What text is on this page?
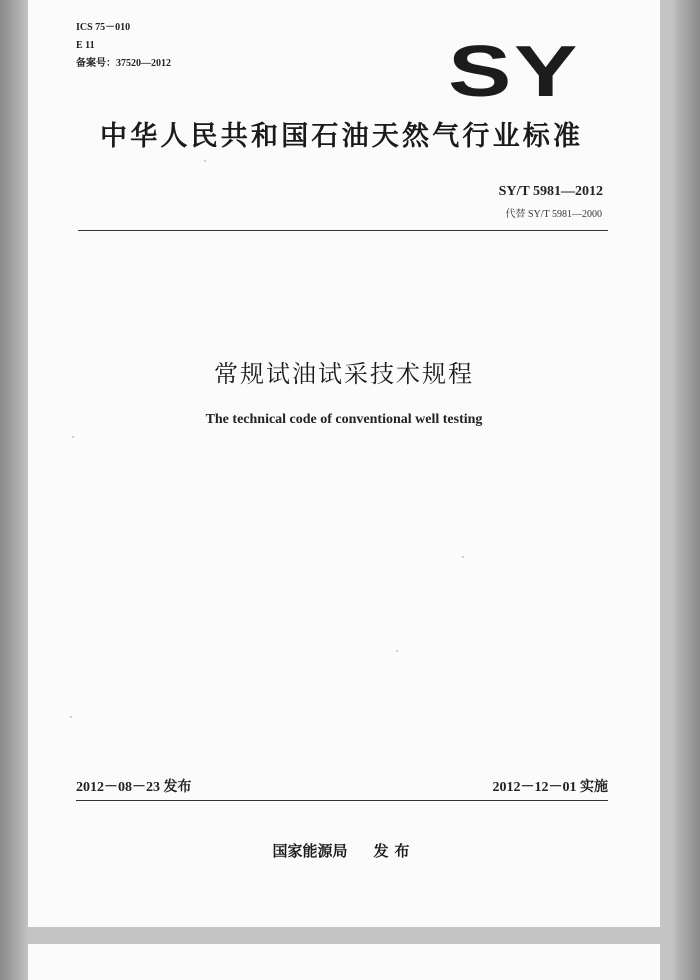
ICS 75－010
E 11
备案号：37520—2012	SY
中华人民共和国石油天然气行业标准
SY/T 5981—2012
代替 SY/T 5981—2000
常规试油试采技术规程
The technical code of conventional well testing
2012－08－23 发布	2012－12－01 实施
国家能源局 发布
